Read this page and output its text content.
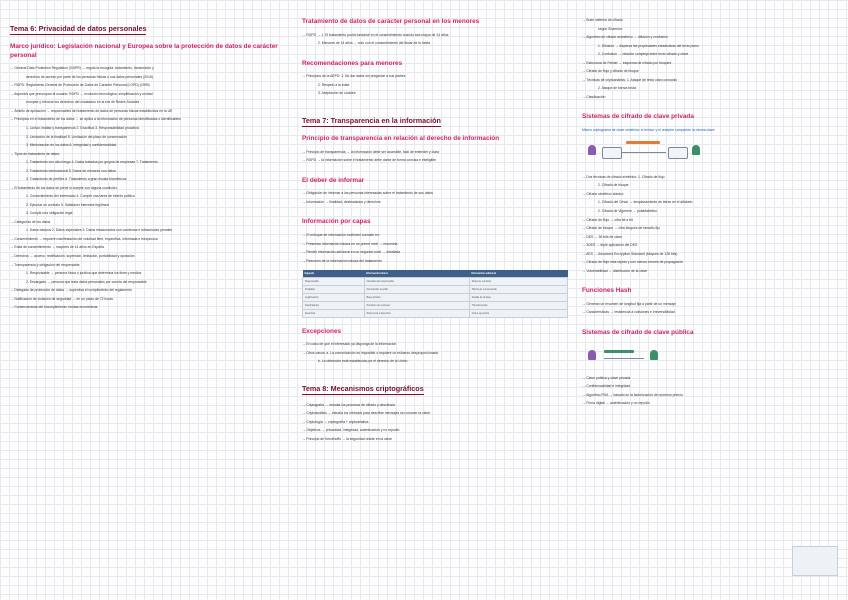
Tema 6: Privacidad de datos personales
Marco jurídico: Legislación nacional y Europea sobre la protección de datos de carácter personal
→ General Data Protection Regulation (GDPR) → regula la recogida, tratamiento, transmisión y
derechos de acceso por parte de los personas físicas o sus datos personales (2016)
→ RGPD: Reglamento General de Protección de Datos de Carácter Personal (LOPD) (1999)
→ Aspectos que preocupan al usuario: RGPD → evolución tecnológica, simplificación y unidad
europea y reforzar los derechos del ciudadano en la era de Redes Sociales
→ Ámbito de aplicación → responsables del tratamiento de datos de personas físicas establecidos en la UE
→ Principios en el tratamiento de los datos → se aplica a la información de personas identificadas o identificables
1. Licitud, lealtad y transparencia 2. Exactitud 3. Responsabilidad proactiva
2. Limitación de la finalidad 5. Limitación del plazo de conservación
3. Minimización de los datos 6. Integridad y confidencialidad
→ Tipos de tratamiento de datos:
1. Tratamiento con alto riesgo 4. Datos tratados por grupos de empresas 7. Tratamiento
2. Tratamiento internacional 5. Datos de menores con datos
3. Tratamiento de perfiles 6. Tratamiento a gran escala biométricos
→ El tratamiento de los datos se prevé si cumple con alguna condición:
1. Consentimiento del interesado 4. Cumplir una tarea de interés público
2. Ejecutar un contrato 5. Satisfacer intereses legítimos
3. Cumplir una obligación legal
→ Categorías de los datos
1. Datos básicos 2. Datos especiales 3. Datos relacionados con condenas e infracciones penales
→ Consentimiento → requiere manifestación de voluntad libre, específica, informada e inequívoca
→ Edad de consentimiento → mayores de 14 años en España
→ Derechos → acceso, rectificación, supresión, limitación, portabilidad y oposición
→ Transparencia y obligación del responsable
1. Responsable → persona física o jurídica que determina los fines y medios
2. Encargado → persona que trata datos personales por cuenta del responsable
→ Delegado de protección de datos → supervisa el cumplimiento del reglamento
→ Notificación de violación de seguridad → en un plazo de 72 horas
→ Consecuencias del incumplimiento: multas económicas
Tratamiento de datos de carácter personal en los menores
→ RGPD → 1. El tratamiento podrá fundarse en el consentimiento cuando sea mayor de 14 años
2. Menores de 14 años → solo con el consentimiento del titular de la tutela
Recomendaciones para menores
→ Principios de la AEPD: 1. No dar datos sin preguntar a sus padres
2. Respeto a la edad
3. Aceptación de cookies
Tema 7: Transparencia en la información
Principio de transparencia en relación al derecho de información
→ Principio de transparencia → la información debe ser accesible, fácil de entender y clara
→ RGPD → la información sobre el tratamiento debe darse de forma concisa e inteligible
El deber de informar
→ Obligación de informar a las personas interesadas sobre el tratamiento de sus datos
→ Información → finalidad, destinatarios y derechos
Información por capas
→ El enfoque de información multinivel consiste en:
→ Presentar información básica en un primer nivel → resumida
→ Remitir información adicional en un segundo nivel → detallada
→ Resumen de la información básica del tratamiento
Epígrafe	Información básica	Información adicional
Responsable	Identidad del responsable	Datos de contacto
Finalidad	Descripción sencilla	Plazos de conservación
Legitimación	Base jurídica	Detalle de la base
Destinatarios	Previsión de cesiones	Transferencias
Derechos	Referencia a derechos	Cómo ejercerlos
Excepciones
→ En caso de que el interesado ya disponga de la información
→ Otros casos: a. La comunicación es imposible o requiere un esfuerzo desproporcionado
b. La obtención está establecida por el derecho de la Unión
Tema 8: Mecanismos criptográficos
→ Criptografía → estudia los procesos de cifrado y descifrado
→ Criptoanálisis → estudia los métodos para descifrar mensajes sin conocer la clave
→ Criptología → criptografía + criptoanálisis
→ Objetivos → privacidad, integridad, autenticación y no repudio
→ Principio de Kerckhoffs → la seguridad reside en la clave
→ Buen sistema de cifrado
según Shannon:
→ Algoritmo de cifrado asimétrico → difusión y confusión
1. Difusión → dispersa las propiedades estadísticas del texto plano
2. Confusión → relación compleja entre texto cifrado y clave
→ Estructura de Feistel → esquema de cifrado por bloques
→ Cifrado de flujo y cifrado de bloque
→ Técnicas de criptoanálisis: 1. Ataque de texto claro conocido
2. Ataque de fuerza bruta
→ Clasificación
Sistemas de cifrado de clave privada
Mismo criptograma de clave simétrica: el emisor y el receptor comparten la misma clave
→ Dos técnicas de cifrado simétrico: 1. Cifrado de flujo
2. Cifrado de bloque
→ Cifrado simétrico clásico:
1. Cifrado del César → desplazamiento de letras en el alfabeto
2. Cifrado de Vigenère → polialfabético
→ Cifrado de flujo → cifra bit a bit
→ Cifrado de bloque → cifra bloques de tamaño fijo
→ DES → 56 bits de clave
→ 3DES → triple aplicación del DES
→ AES → Advanced Encryption Standard (bloques de 128 bits)
→ Cifrado de flujo más rápido y con menos errores de propagación
→ Vulnerabilidad → distribución de la clave
Funciones Hash
→ Generan un resumen de longitud fija a partir de un mensaje
→ Características → resistencia a colisiones e irreversibilidad
Sistemas de cifrado de clave pública
→ Clave pública y clave privada
→ Confidencialidad e integridad
→ Algoritmo RSA → basado en la factorización de números primos
→ Firma digital → autenticación y no repudio
